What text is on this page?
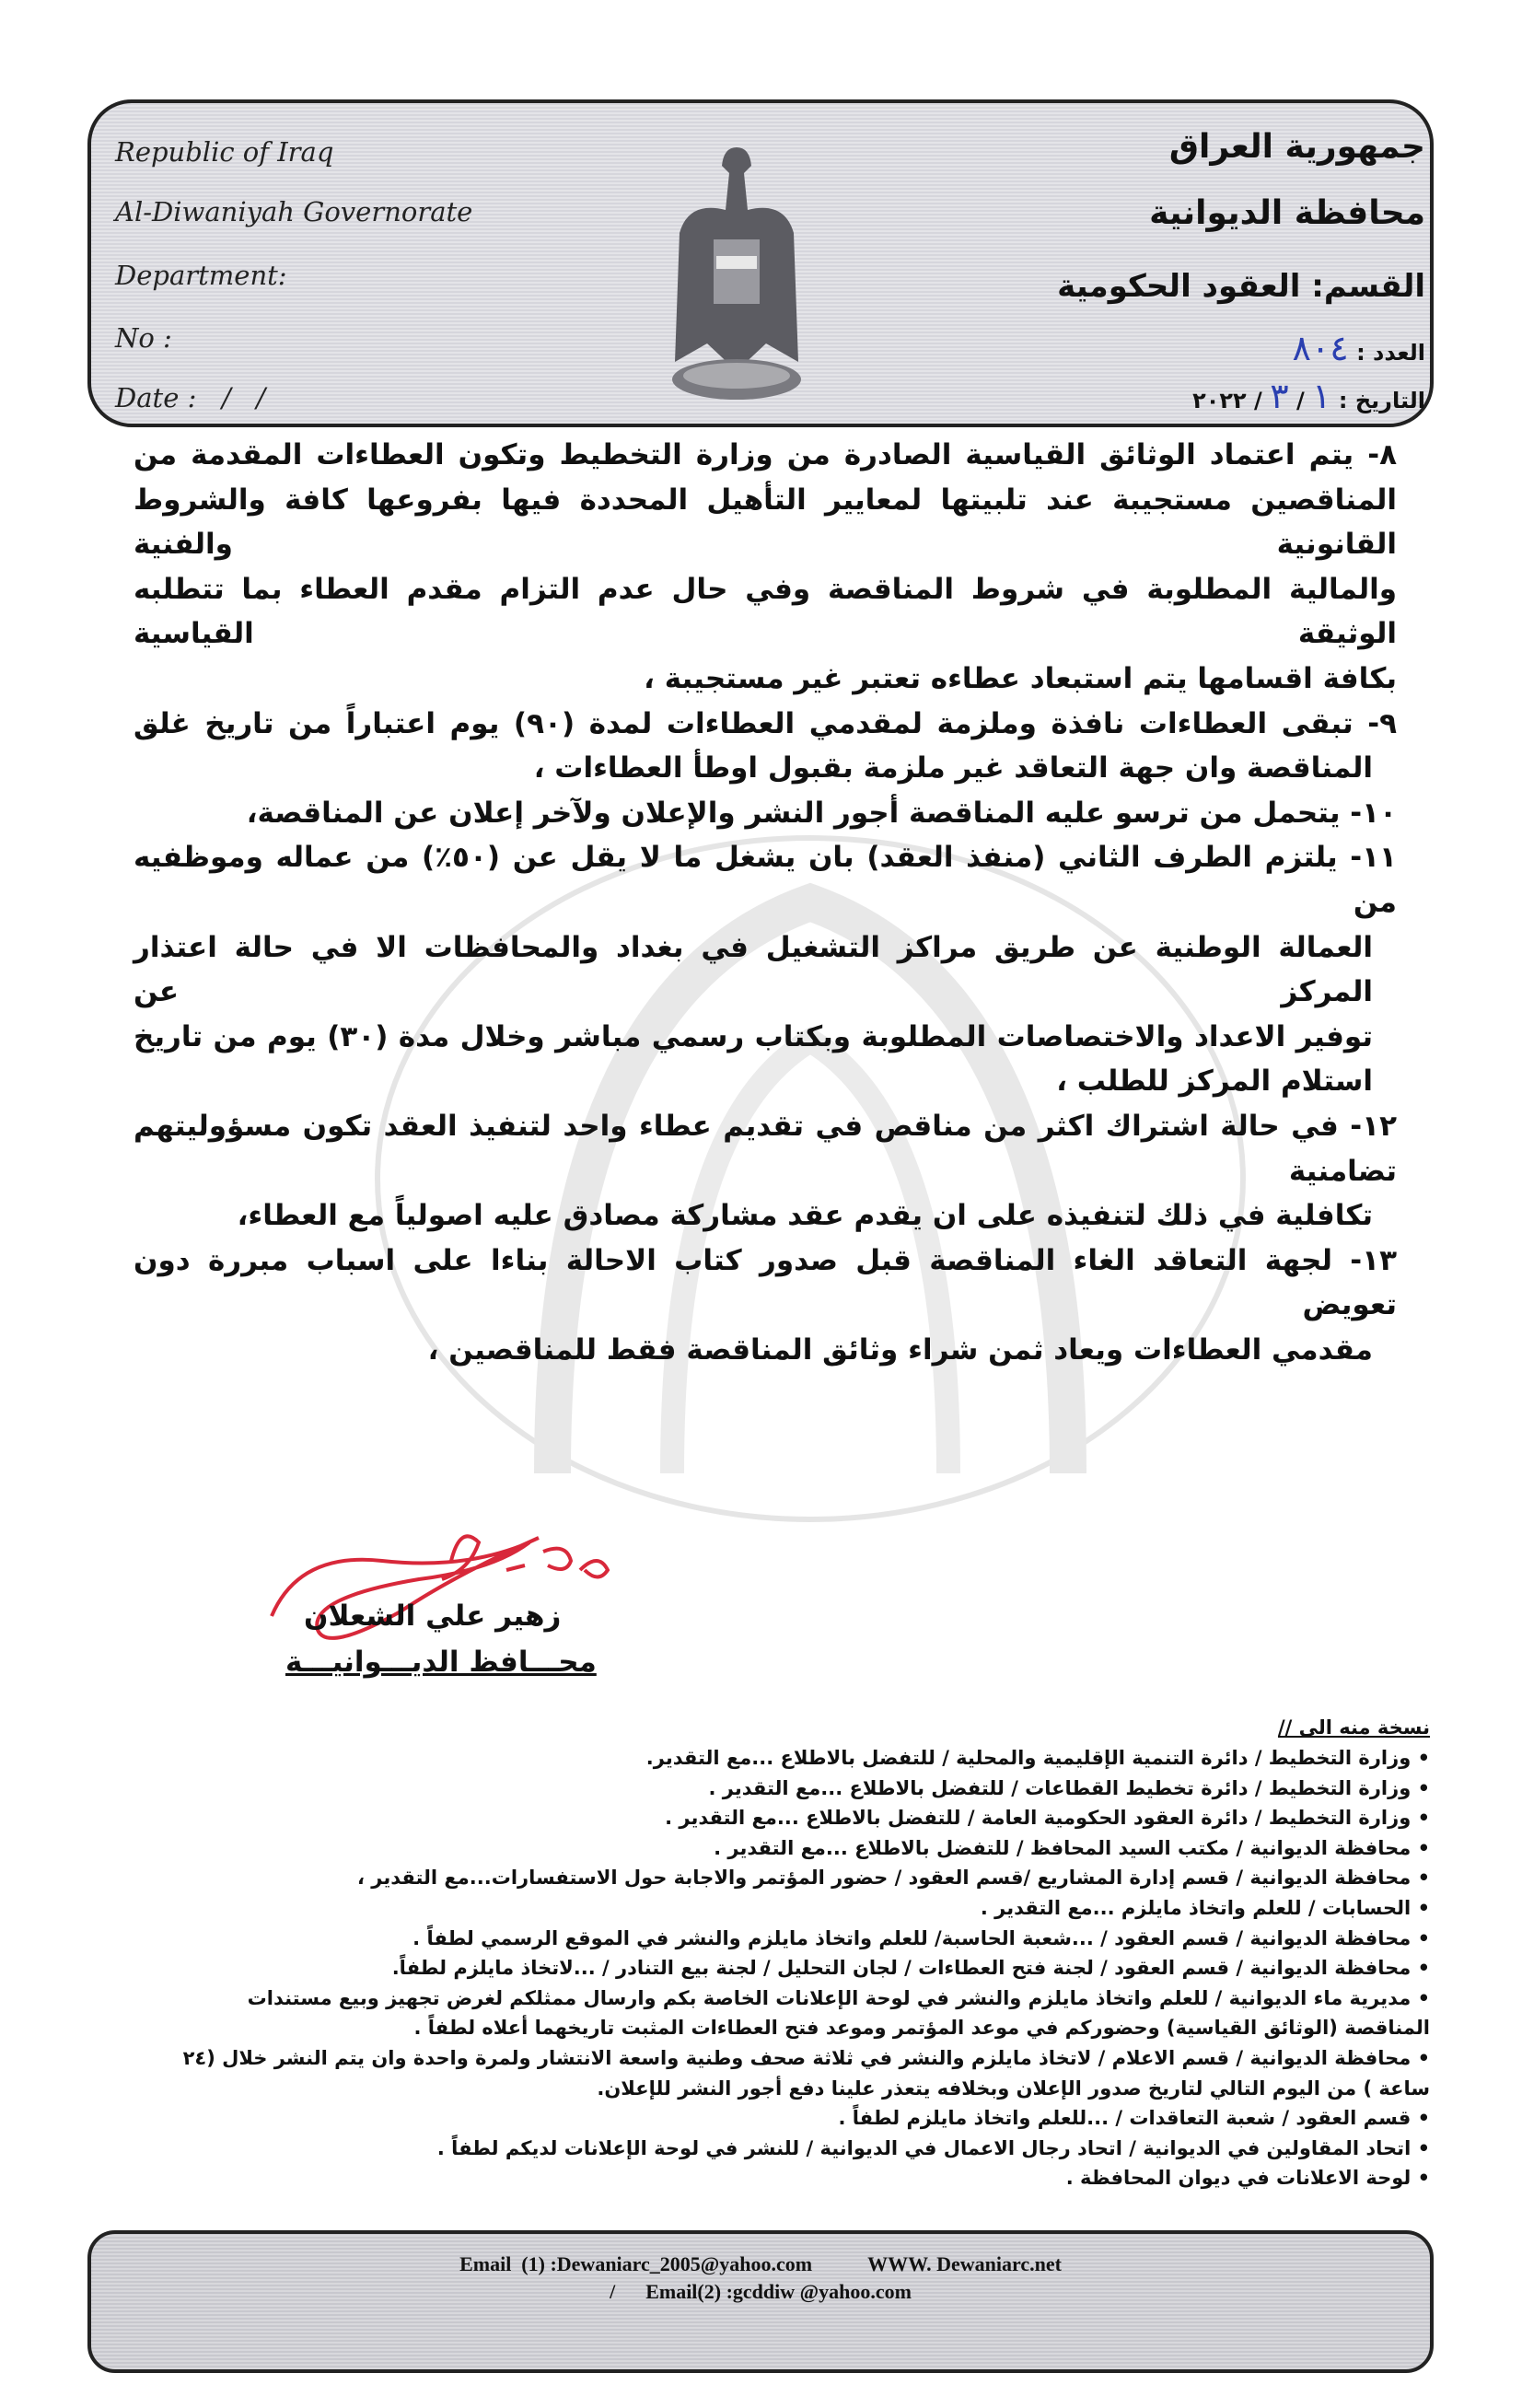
Republic of Iraq
Al-Diwaniyah Governorate
Department:
No :
Date :   /   /
جمهورية العراق
محافظة الديوانية
القسم: العقود الحكومية
العدد : ٨٠٤
التاريخ : ١ / ٣ / ٢٠٢٢
٨- يتم اعتماد الوثائق القياسية الصادرة من وزارة التخطيط وتكون العطاءات المقدمة من
المناقصين مستجيبة عند تلبيتها لمعايير التأهيل المحددة فيها بفروعها كافة والشروط القانونية والفنية
والمالية المطلوبة في شروط المناقصة وفي حال عدم التزام مقدم العطاء بما تتطلبه الوثيقة القياسية
بكافة اقسامها يتم استبعاد عطاءه تعتبر غير مستجيبة ،
٩- تبقى العطاءات نافذة وملزمة لمقدمي العطاءات لمدة (٩٠) يوم اعتباراً من تاريخ غلق
المناقصة وان جهة التعاقد غير ملزمة بقبول اوطأ العطاءات ،
١٠- يتحمل من ترسو عليه المناقصة أجور النشر والإعلان ولآخر إعلان عن المناقصة،
١١- يلتزم الطرف الثاني (منفذ العقد) بان يشغل ما لا يقل عن (٥٠٪) من عماله وموظفيه من
العمالة الوطنية عن طريق مراكز التشغيل في بغداد والمحافظات الا في حالة اعتذار المركز عن
توفير الاعداد والاختصاصات المطلوبة وبكتاب رسمي مباشر وخلال مدة (٣٠) يوم من تاريخ
استلام المركز للطلب ،
١٢- في حالة اشتراك اكثر من مناقص في تقديم عطاء واحد لتنفيذ العقد تكون مسؤوليتهم تضامنية
تكافلية في ذلك لتنفيذه على ان يقدم عقد مشاركة مصادق عليه اصولياً مع العطاء،
١٣- لجهة التعاقد الغاء المناقصة قبل صدور كتاب الاحالة بناءا على اسباب مبررة دون تعويض
مقدمي العطاءات ويعاد ثمن شراء وثائق المناقصة فقط للمناقصين ،
زهير علي الشعلان
محـــافظ الديـــوانيـــة
نسخة منه الى //
• وزارة التخطيط / دائرة التنمية الإقليمية والمحلية / للتفضل بالاطلاع ...مع التقدير.
• وزارة التخطيط / دائرة تخطيط القطاعات / للتفضل بالاطلاع ...مع التقدير .
• وزارة التخطيط / دائرة العقود الحكومية العامة / للتفضل بالاطلاع ...مع التقدير .
• محافظة الديوانية / مكتب السيد المحافظ / للتفضل بالاطلاع ...مع التقدير .
• محافظة الديوانية / قسم إدارة المشاريع /قسم العقود / حضور المؤتمر والاجابة حول الاستفسارات...مع التقدير ،
• الحسابات / للعلم واتخاذ مايلزم ...مع التقدير .
• محافظة الديوانية / قسم العقود / ...شعبة الحاسبة/ للعلم واتخاذ مايلزم والنشر في الموقع الرسمي لطفاً .
• محافظة الديوانية / قسم العقود / لجنة فتح العطاءات / لجان التحليل / لجنة بيع التنادر / ...لاتخاذ مايلزم لطفاً.
• مديرية ماء الديوانية / للعلم واتخاذ مايلزم والنشر في لوحة الإعلانات الخاصة بكم وارسال ممثلكم لغرض تجهيز وبيع مستندات
المناقصة (الوثائق القياسية) وحضوركم في موعد المؤتمر وموعد فتح العطاءات المثبت تاريخهما أعلاه لطفاً .
• محافظة الديوانية / قسم الاعلام / لاتخاذ مايلزم والنشر في ثلاثة صحف وطنية واسعة الانتشار ولمرة واحدة وان يتم النشر خلال (٢٤
ساعة ) من اليوم التالي لتاريخ صدور الإعلان وبخلافه يتعذر علينا دفع أجور النشر للإعلان.
• قسم العقود / شعبة التعاقدات / ...للعلم واتخاذ مايلزم لطفاً .
• اتحاد المقاولين في الديوانية / اتحاد رجال الاعمال في الديوانية / للنشر في لوحة الإعلانات لديكم لطفاً .
• لوحة الاعلانات في ديوان المحافظة .
Email  (1) :Dewaniarc_2005@yahoo.com	WWW. Dewaniarc.net
/      Email(2) :gcddiw @yahoo.com
